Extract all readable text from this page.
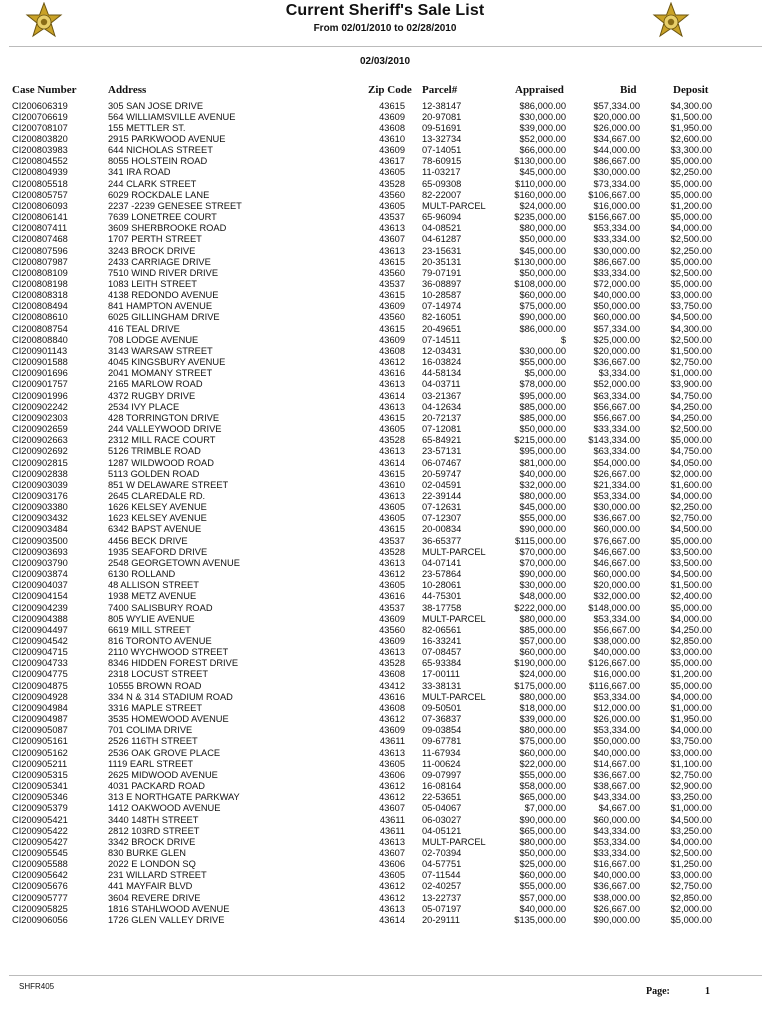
Current Sheriff's Sale List
From 02/01/2010 to 02/28/2010
02/03/2010
Case Number	Address	Zip Code Parcel#	Appraised	Bid	Deposit
CI200606319	305 SAN JOSE DRIVE	43615 12-38147	$86,000.00	$57,334.00	$4,300.00
CI200706619	564 WILLIAMSVILLE AVENUE	43609 20-97081	$30,000.00	$20,000.00	$1,500.00
CI200708107	155 METTLER ST.	43608 09-51691	$39,000.00	$26,000.00	$1,950.00
CI200803820	2915 PARKWOOD AVENUE	43610 13-32734	$52,000.00	$34,667.00	$2,600.00
CI200803983	644 NICHOLAS STREET	43609 07-14051	$66,000.00	$44,000.00	$3,300.00
CI200804552	8055 HOLSTEIN ROAD	43617 78-60915	$130,000.00	$86,667.00	$5,000.00
CI200804939	341 IRA ROAD	43605 11-03217	$45,000.00	$30,000.00	$2,250.00
CI200805518	244 CLARK STREET	43528 65-09308	$110,000.00	$73,334.00	$5,000.00
CI200805757	6029 ROCKDALE LANE	43560 82-22007	$160,000.00	$106,667.00	$5,000.00
CI200806093	2237 -2239 GENESEE STREET	43605 MULT-PARCEL	$24,000.00	$16,000.00	$1,200.00
CI200806141	7639 LONETREE COURT	43537 65-96094	$235,000.00	$156,667.00	$5,000.00
CI200807411	3609 SHERBROOKE ROAD	43613 04-08521	$80,000.00	$53,334.00	$4,000.00
CI200807468	1707 PERTH STREET	43607 04-61287	$50,000.00	$33,334.00	$2,500.00
CI200807596	3243 BROCK DRIVE	43613 23-15631	$45,000.00	$30,000.00	$2,250.00
CI200807987	2433 CARRIAGE DRIVE	43615 20-35131	$130,000.00	$86,667.00	$5,000.00
CI200808109	7510 WIND RIVER DRIVE	43560 79-07191	$50,000.00	$33,334.00	$2,500.00
CI200808198	1083 LEITH STREET	43537 36-08897	$108,000.00	$72,000.00	$5,000.00
CI200808318	4138 REDONDO AVENUE	43615 10-28587	$60,000.00	$40,000.00	$3,000.00
CI200808494	841 HAMPTON AVENUE	43609 07-14974	$75,000.00	$50,000.00	$3,750.00
CI200808610	6025 GILLINGHAM DRIVE	43560 82-16051	$90,000.00	$60,000.00	$4,500.00
CI200808754	416 TEAL DRIVE	43615 20-49651	$86,000.00	$57,334.00	$4,300.00
CI200808840	708 LODGE AVENUE	43609 07-14511	$	$25,000.00	$2,500.00
CI200901143	3143 WARSAW STREET	43608 12-03431	$30,000.00	$20,000.00	$1,500.00
CI200901588	4045 KINGSBURY AVENUE	43612 16-03824	$55,000.00	$36,667.00	$2,750.00
CI200901696	2041 MOMANY STREET	43616 44-58134	$5,000.00	$3,334.00	$1,000.00
CI200901757	2165 MARLOW ROAD	43613 04-03711	$78,000.00	$52,000.00	$3,900.00
CI200901996	4372 RUGBY DRIVE	43614 03-21367	$95,000.00	$63,334.00	$4,750.00
CI200902242	2534 IVY PLACE	43613 04-12634	$85,000.00	$56,667.00	$4,250.00
CI200902303	428 TORRINGTON DRIVE	43615 20-72137	$85,000.00	$56,667.00	$4,250.00
CI200902659	244 VALLEYWOOD DRIVE	43605 07-12081	$50,000.00	$33,334.00	$2,500.00
CI200902663	2312 MILL RACE COURT	43528 65-84921	$215,000.00	$143,334.00	$5,000.00
CI200902692	5126 TRIMBLE ROAD	43613 23-57131	$95,000.00	$63,334.00	$4,750.00
CI200902815	1287 WILDWOOD ROAD	43614 06-07467	$81,000.00	$54,000.00	$4,050.00
CI200902838	5113 GOLDEN ROAD	43615 20-59747	$40,000.00	$26,667.00	$2,000.00
CI200903039	851 W DELAWARE STREET	43610 02-04591	$32,000.00	$21,334.00	$1,600.00
CI200903176	2645 CLAREDALE RD.	43613 22-39144	$80,000.00	$53,334.00	$4,000.00
CI200903380	1626 KELSEY AVENUE	43605 07-12631	$45,000.00	$30,000.00	$2,250.00
CI200903432	1623 KELSEY AVENUE	43605 07-12307	$55,000.00	$36,667.00	$2,750.00
CI200903484	6342 BAPST AVENUE	43615 20-00834	$90,000.00	$60,000.00	$4,500.00
CI200903500	4456 BECK DRIVE	43537 36-65377	$115,000.00	$76,667.00	$5,000.00
CI200903693	1935 SEAFORD DRIVE	43528 MULT-PARCEL	$70,000.00	$46,667.00	$3,500.00
CI200903790	2548 GEORGETOWN AVENUE	43613 04-07141	$70,000.00	$46,667.00	$3,500.00
CI200903874	6130 ROLLAND	43612 23-57864	$90,000.00	$60,000.00	$4,500.00
CI200904037	48 ALLISON STREET	43605 10-28061	$30,000.00	$20,000.00	$1,500.00
CI200904154	1938 METZ AVENUE	43616 44-75301	$48,000.00	$32,000.00	$2,400.00
CI200904239	7400 SALISBURY ROAD	43537 38-17758	$222,000.00	$148,000.00	$5,000.00
CI200904388	805 WYLIE AVENUE	43609 MULT-PARCEL	$80,000.00	$53,334.00	$4,000.00
CI200904497	6619 MILL STREET	43560 82-06561	$85,000.00	$56,667.00	$4,250.00
CI200904542	816 TORONTO AVENUE	43609 16-33241	$57,000.00	$38,000.00	$2,850.00
CI200904715	2110 WYCHWOOD STREET	43613 07-08457	$60,000.00	$40,000.00	$3,000.00
CI200904733	8346 HIDDEN FOREST DRIVE	43528 65-93384	$190,000.00	$126,667.00	$5,000.00
CI200904775	2318 LOCUST STREET	43608 17-00111	$24,000.00	$16,000.00	$1,200.00
CI200904875	10555 BROWN ROAD	43412 33-38131	$175,000.00	$116,667.00	$5,000.00
CI200904928	334 N & 314 STADIUM ROAD	43616 MULT-PARCEL	$80,000.00	$53,334.00	$4,000.00
CI200904984	3316 MAPLE STREET	43608 09-50501	$18,000.00	$12,000.00	$1,000.00
CI200904987	3535 HOMEWOOD AVENUE	43612 07-36837	$39,000.00	$26,000.00	$1,950.00
CI200905087	701 COLIMA DRIVE	43609 09-03854	$80,000.00	$53,334.00	$4,000.00
CI200905161	2526 116TH STREET	43611 09-67781	$75,000.00	$50,000.00	$3,750.00
CI200905162	2536 OAK GROVE PLACE	43613 11-67934	$60,000.00	$40,000.00	$3,000.00
CI200905211	1119 EARL STREET	43605 11-00624	$22,000.00	$14,667.00	$1,100.00
CI200905315	2625 MIDWOOD AVENUE	43606 09-07997	$55,000.00	$36,667.00	$2,750.00
CI200905341	4031 PACKARD ROAD	43612 16-08164	$58,000.00	$38,667.00	$2,900.00
CI200905346	313 E NORTHGATE PARKWAY	43612 22-53651	$65,000.00	$43,334.00	$3,250.00
CI200905379	1412 OAKWOOD AVENUE	43607 05-04067	$7,000.00	$4,667.00	$1,000.00
CI200905421	3440 148TH STREET	43611 06-03027	$90,000.00	$60,000.00	$4,500.00
CI200905422	2812 103RD STREET	43611 04-05121	$65,000.00	$43,334.00	$3,250.00
CI200905427	3342 BROCK DRIVE	43613 MULT-PARCEL	$80,000.00	$53,334.00	$4,000.00
CI200905545	830 BURKE GLEN	43607 02-70394	$50,000.00	$33,334.00	$2,500.00
CI200905588	2022 E LONDON SQ	43606 04-57751	$25,000.00	$16,667.00	$1,250.00
CI200905642	231 WILLARD STREET	43605 07-11544	$60,000.00	$40,000.00	$3,000.00
CI200905676	441 MAYFAIR BLVD	43612 02-40257	$55,000.00	$36,667.00	$2,750.00
CI200905777	3604 REVERE DRIVE	43612 13-22737	$57,000.00	$38,000.00	$2,850.00
CI200905825	1816 STAHLWOOD AVENUE	43613 05-07197	$40,000.00	$26,667.00	$2,000.00
CI200906056	1726 GLEN VALLEY DRIVE	43614 20-29111	$135,000.00	$90,000.00	$5,000.00
SHFR405	Page:	1
